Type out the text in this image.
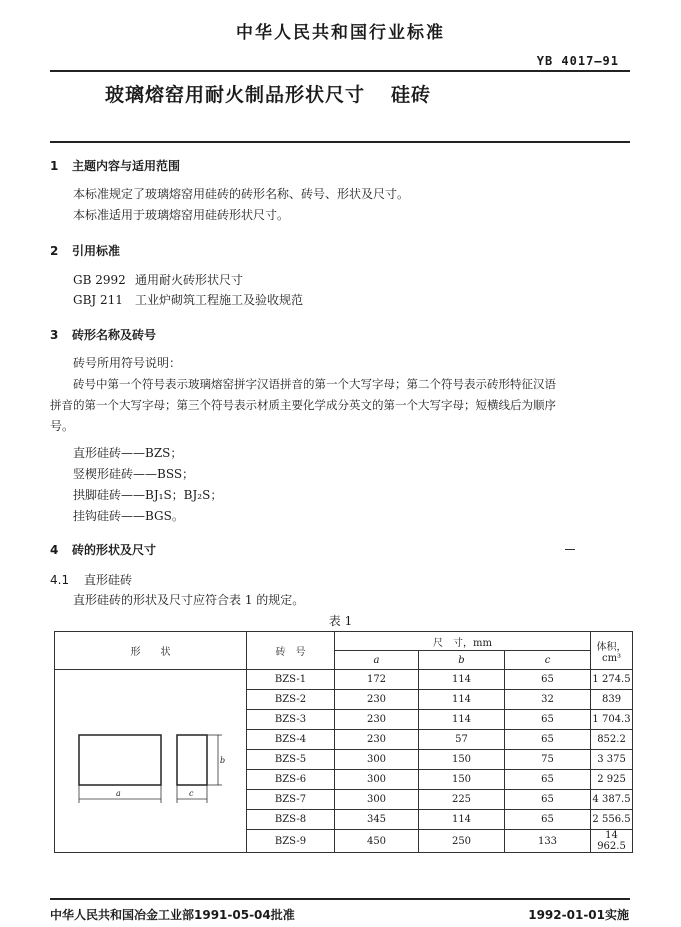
中华人民共和国行业标准
YB 4017—91
玻璃熔窑用耐火制品形状尺寸 硅砖
1 主题内容与适用范围
本标准规定了玻璃熔窑用硅砖的砖形名称、砖号、形状及尺寸。
本标准适用于玻璃熔窑用硅砖形状尺寸。
2 引用标准
GB 2992 通用耐火砖形状尺寸
GBJ 211 工业炉砌筑工程施工及验收规范
3 砖形名称及砖号
砖号所用符号说明：
砖号中第一个符号表示玻璃熔窑拼字汉语拼音的第一个大写字母；第二个符号表示砖形特征汉语
拼音的第一个大写字母；第三个符号表示材质主要化学成分英文的第一个大写字母；短横线后为顺序
号。
直形硅砖——BZS；
竖楔形硅砖——BSS；
拱脚硅砖——BJ₁S；BJ₂S；
挂钩硅砖——BGS。
4 砖的形状及尺寸
4.1 直形硅砖
直形硅砖的形状及尺寸应符合表 1 的规定。
表 1
形　　状	砖　号	尺　寸，mm			体积，cm³
		a	b	c	

a c
b	BZS-1	172	114	65	1 274.5
	BZS-2	230	114	32	839
	BZS-3	230	114	65	1 704.3
	BZS-4	230	57	65	852.2
	BZS-5	300	150	75	3 375
	BZS-6	300	150	65	2 925
	BZS-7	300	225	65	4 387.5
	BZS-8	345	114	65	2 556.5
	BZS-9	450	250	133	14 962.5
中华人民共和国冶金工业部1991-05-04批准	1992-01-01实施
